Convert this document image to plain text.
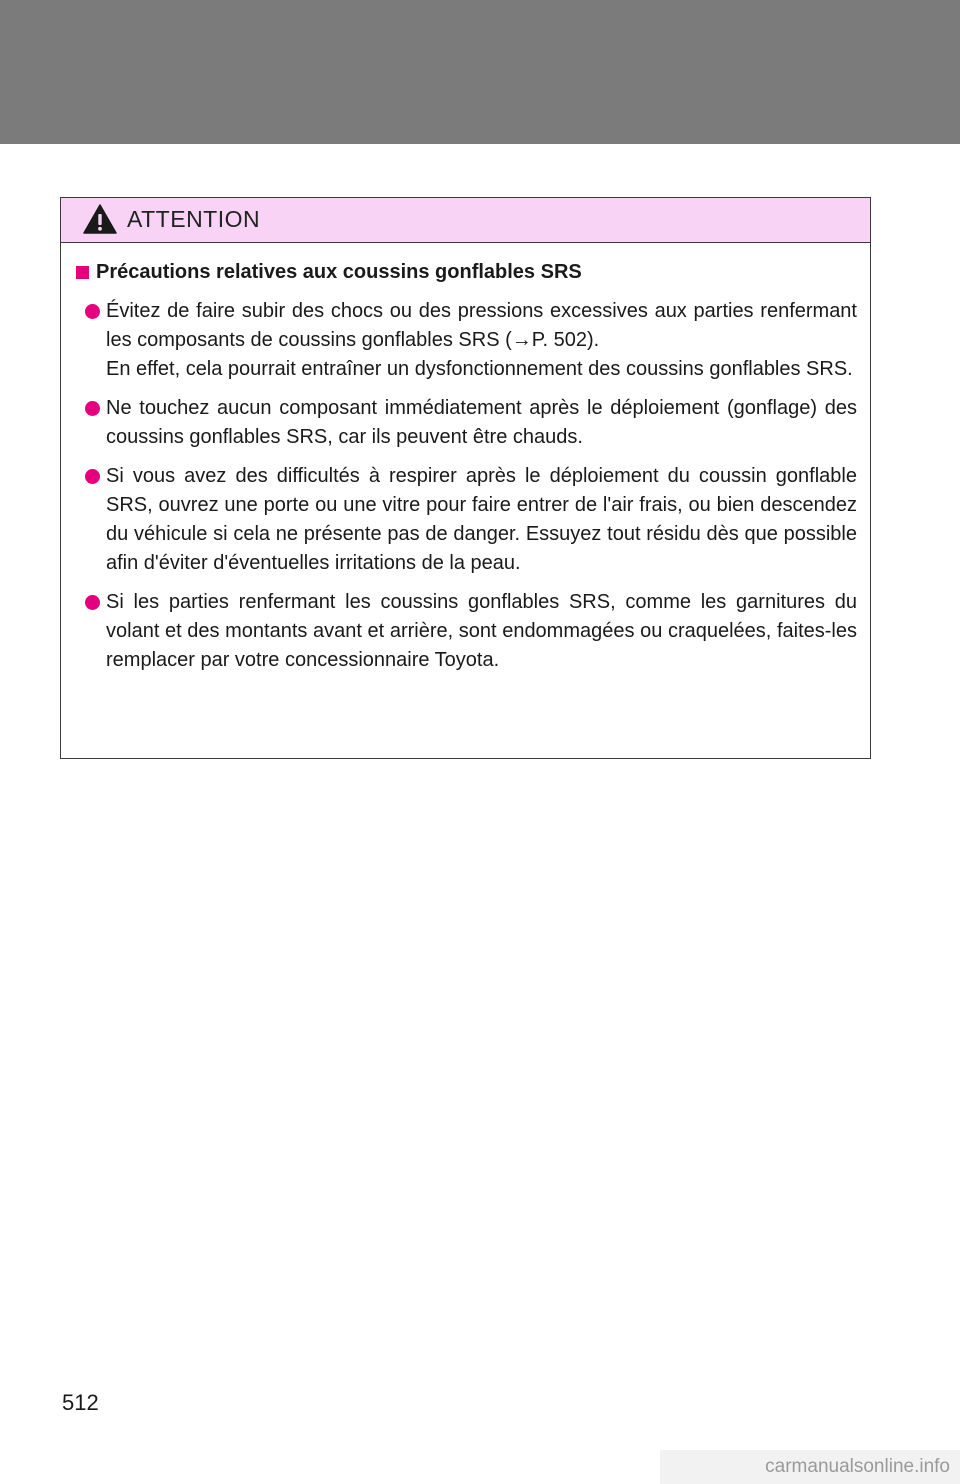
ATTENTION
Précautions relatives aux coussins gonflables SRS
Évitez de faire subir des chocs ou des pressions excessives aux parties renfermant les composants de coussins gonflables SRS (→P. 502).
En effet, cela pourrait entraîner un dysfonctionnement des coussins gonflables SRS.
Ne touchez aucun composant immédiatement après le déploiement (gonflage) des coussins gonflables SRS, car ils peuvent être chauds.
Si vous avez des difficultés à respirer après le déploiement du coussin gonflable SRS, ouvrez une porte ou une vitre pour faire entrer de l'air frais, ou bien descendez du véhicule si cela ne présente pas de danger. Essuyez tout résidu dès que possible afin d'éviter d'éventuelles irritations de la peau.
Si les parties renfermant les coussins gonflables SRS, comme les garnitures du volant et des montants avant et arrière, sont endommagées ou craquelées, faites-les remplacer par votre concessionnaire Toyota.
512
carmanualsonline.info
